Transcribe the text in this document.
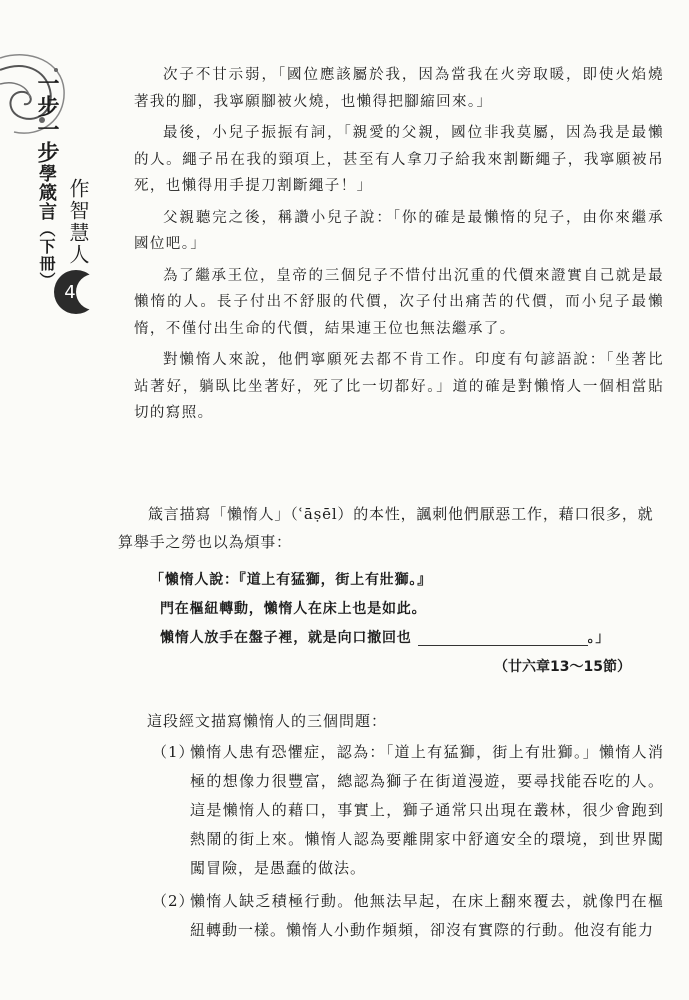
一步一步學箴言（下冊） 作智慧人
4

次子不甘示弱，「國位應該屬於我，因為當我在火旁取暖，即使火焰燒著我的腳，我寧願腳被火燒，也懶得把腳縮回來。」

最後，小兒子振振有詞，「親愛的父親，國位非我莫屬，因為我是最懶的人。繩子吊在我的頸項上，甚至有人拿刀子給我來割斷繩子，我寧願被吊死，也懶得用手提刀割斷繩子！」

父親聽完之後，稱讚小兒子說：「你的確是最懶惰的兒子，由你來繼承國位吧。」

為了繼承王位，皇帝的三個兒子不惜付出沉重的代價來證實自己就是最懶惰的人。長子付出不舒服的代價，次子付出痛苦的代價，而小兒子最懶惰，不僅付出生命的代價，結果連王位也無法繼承了。

對懶惰人來說，他們寧願死去都不肯工作。印度有句諺語說：「坐著比站著好，躺臥比坐著好，死了比一切都好。」道的確是對懶惰人一個相當貼切的寫照。

箴言描寫「懶惰人」（ʿāṣēl）的本性，諷刺他們厭惡工作，藉口很多，就算舉手之勞也以為煩事：

「懶惰人說：『道上有猛獅，街上有壯獅。』
門在樞紐轉動，懶惰人在床上也是如此。
懶惰人放手在盤子裡，就是向口撤回也	。」
（廿六章13～15節）
這段經文描寫懶惰人的三個問題：
（1）
懶惰人患有恐懼症，認為：「道上有猛獅，街上有壯獅。」懶惰人消極的想像力很豐富，總認為獅子在街道漫遊，要尋找能吞吃的人。這是懶惰人的藉口，事實上，獅子通常只出現在叢林，很少會跑到熱鬧的街上來。懶惰人認為要離開家中舒適安全的環境，到世界闖闖冒險，是愚蠢的做法。
（2）
懶惰人缺乏積極行動。他無法早起，在床上翻來覆去，就像門在樞紐轉動一樣。懶惰人小動作頻頻，卻沒有實際的行動。他沒有能力
